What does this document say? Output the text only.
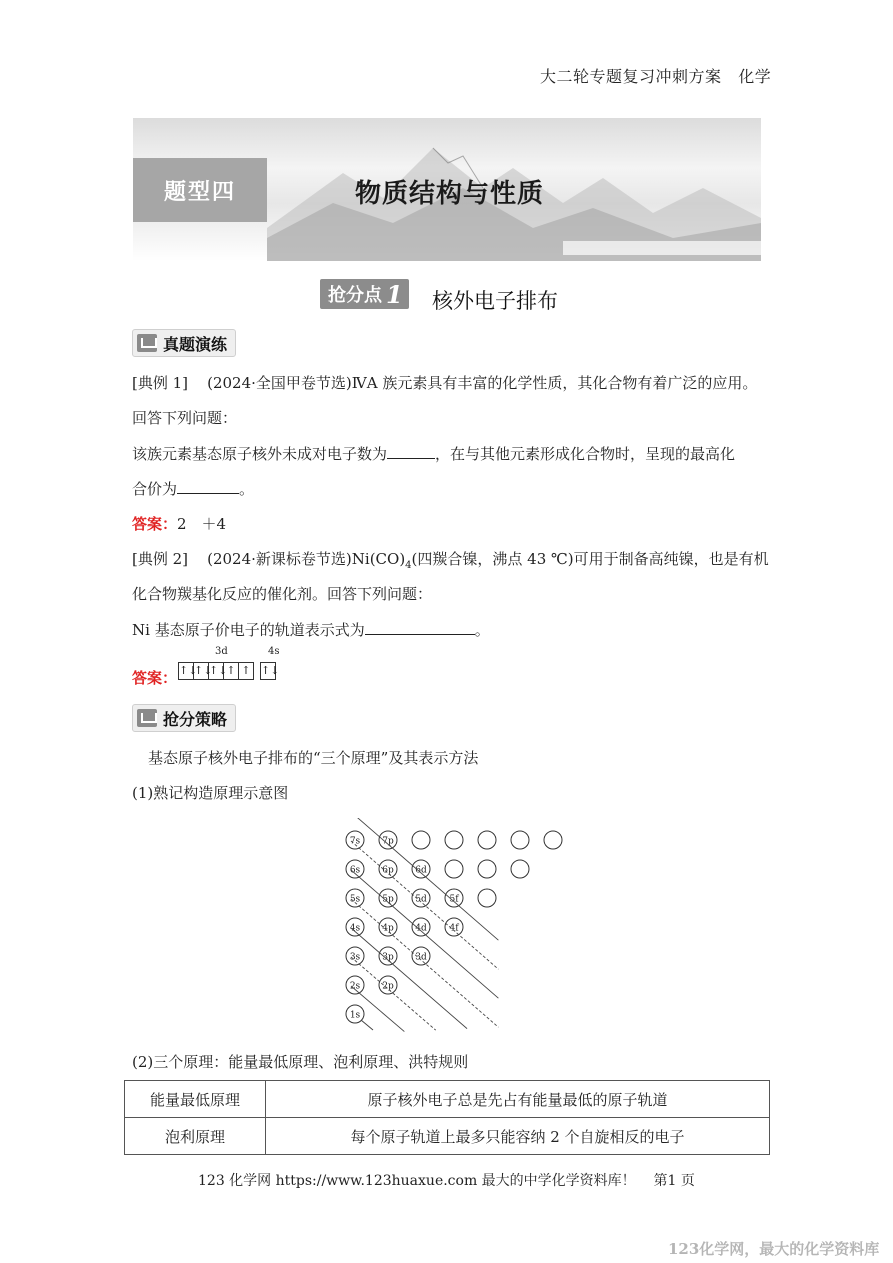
大二轮专题复习冲刺方案 化学
题型四	物质结构与性质
抢分点 1 核外电子排布
真题演练
[典例 1] (2024·全国甲卷节选)ⅣA 族元素具有丰富的化学性质，其化合物有着广泛的应用。
回答下列问题：
该族元素基态原子核外未成对电子数为	，在与其他元素形成化合物时，呈现的最高化
合价为	。
答案：2　＋4
[典例 2] (2024·新课标卷节选)$Ni(CO)_4$(四羰合镍，沸点 43 ℃)可用于制备高纯镍，也是有机
化合物羰基化反应的催化剂。回答下列问题：
Ni 基态原子价电子的轨道表示式为	。
答案：
3d	4s
↑↓
↑↓
↑↓
↑ ↑ ↑↓
抢分策略
基态原子核外电子排布的“三个原理”及其表示方法
(1)熟记构造原理示意图
1s
2s 2p
3s 3p 3d
4s 4p 4d	4f
5s 5p 5d	5f
6s 6p 6d
7s 7p
(2)三个原理：能量最低原理、泡利原理、洪特规则
能量最低原理	原子核外电子总是先占有能量最低的原子轨道
泡利原理	每个原子轨道上最多只能容纳 2 个自旋相反的电子
123 化学网 https://www.123huaxue.com 最大的中学化学资料库！ 第1 页
123化学网，最大的化学资料库
